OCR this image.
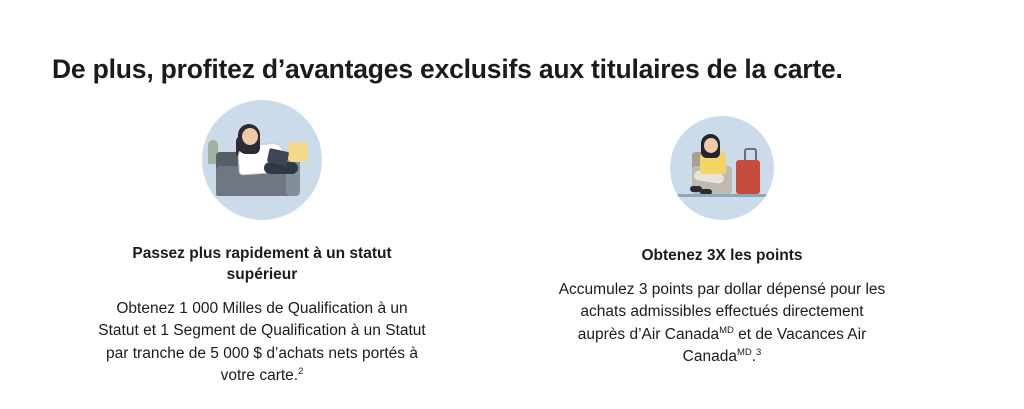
De plus, profitez d’avantages exclusifs aux titulaires de la carte.
Passez plus rapidement à un statut supérieur
Obtenez 1 000 Milles de Qualification à un Statut et 1 Segment de Qualification à un Statut par tranche de 5 000 $ d’achats nets portés à votre carte.$^2$
Obtenez 3X les points
Accumulez 3 points par dollar dépensé pour les achats admissibles effectués directement auprès d’Air Canada$^{MD}$ et de Vacances Air Canada$^{MD}$.$^3$
